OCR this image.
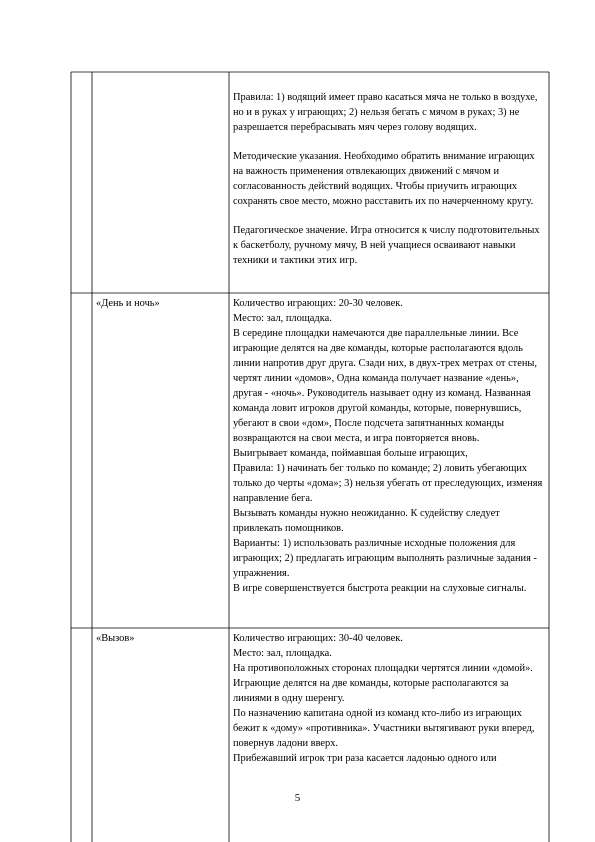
Правила: 1) водящий имеет право касаться мяча не только в воздухе, но и в руках у играющих; 2) нельзя бегать с мячом в руках; 3) не разрешается перебрасывать мяч через голову водящих.

Методические указания. Необходимо обратить внимание играющих на важность применения отвлекающих движений с мячом и согласованность действий водящих. Чтобы приучить играющих сохранять свое место, можно расставить их по начерченному кругу.

Педагогическое значение. Игра относится к числу подготовительных к баскетболу, ручному мячу, В ней учащиеся осваивают навыки техники и тактики этих игр.

«День и ночь»	Количество играющих: 20-30 человек.

Место: зал, площадка.

В середине площадки намечаются две параллельные линии. Все играющие делятся на две команды, которые располагаются вдоль линии напротив друг друга. Сзади них, в двух-трех метрах от стены, чертят линии «домов», Одна команда получает название «день», другая - «ночь». Руководитель называет одну из команд. Названная команда ловит игроков другой команды, которые, повернувшись, убегают в свои «дом», После подсчета запятнанных команды возвращаются на свои места, и игра повторяется вновь.

Выигрывает команда, поймавшая больше играющих,

Правила: 1) начинать бег только по команде; 2) ловить убегающих только до черты «дома»; 3) нельзя убегать от преследующих, изменяя направление бега.

Вызывать команды нужно неожиданно. К судейству следует привлекать помощников.

Варианты: 1) использовать различные исходные положения для играющих; 2) предлагать играющим выполнять различные задания - упражнения.

В игре совершенствуется быстрота реакции на слуховые сигналы.

«Вызов»	Количество играющих: 30-40 человек.

Место: зал, площадка.

На противоположных сторонах площадки чертятся линии «домой». Играющие делятся на две команды, которые располагаются за линиями в одну шеренгу.

По назначению капитана одной из команд кто-либо из играющих бежит к «дому» «противника». Участники вытягивают руки вперед, повернув ладони вверх.

Прибежавший игрок три раза касается ладонью одного или

5
